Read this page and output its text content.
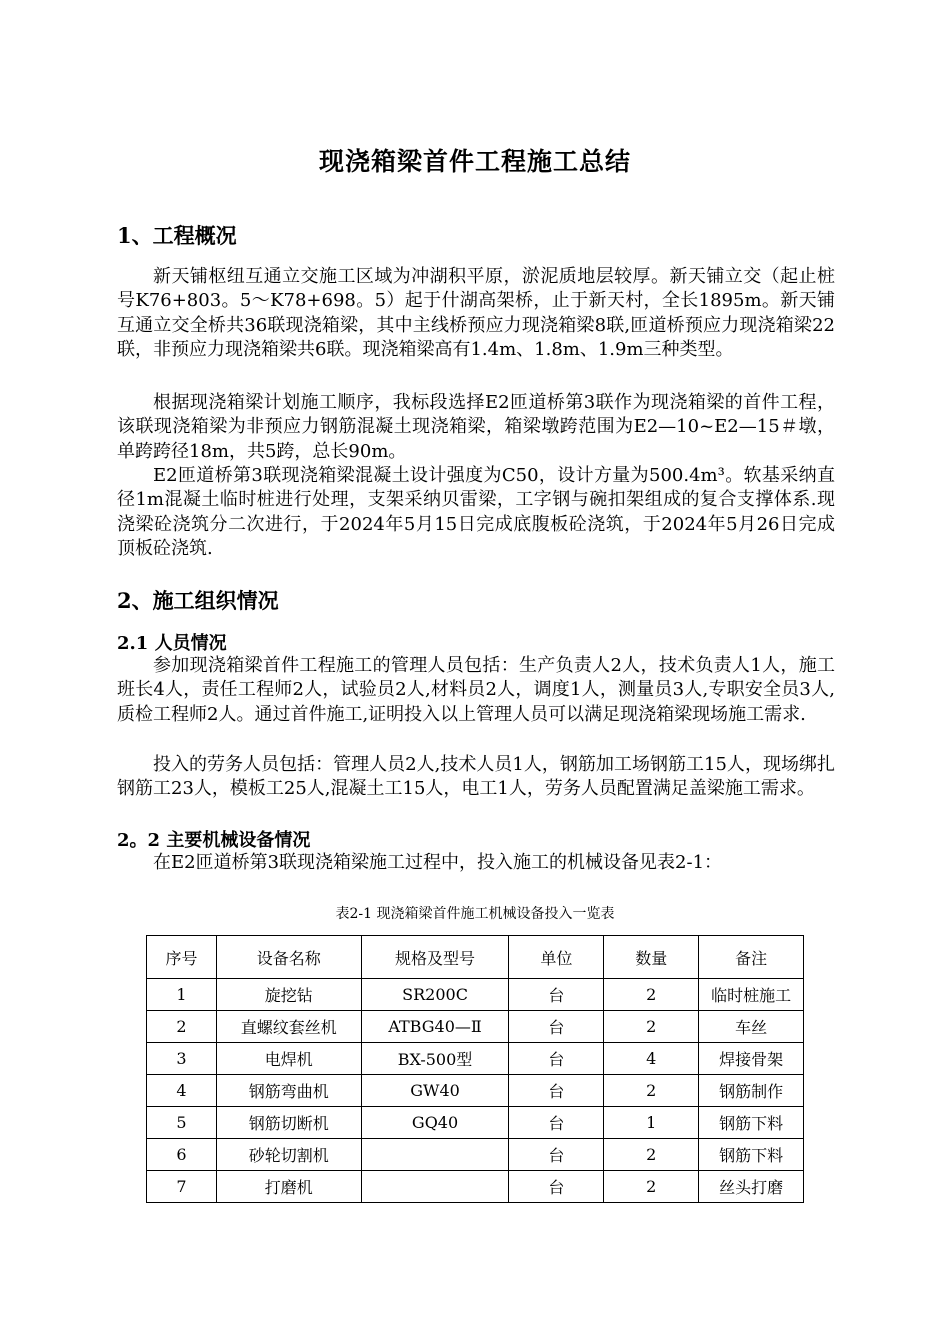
现浇箱梁首件工程施工总结
1、工程概况

新天铺枢纽互通立交施工区域为冲湖积平原，淤泥质地层较厚。新天铺立交（起止桩号K76+803。5～K78+698。5）起于什湖高架桥，止于新天村，全长1895m。新天铺互通立交全桥共36联现浇箱梁，其中主线桥预应力现浇箱梁8联,匝道桥预应力现浇箱梁22联，非预应力现浇箱梁共6联。现浇箱梁高有1.4m、1.8m、1.9m三种类型。

根据现浇箱梁计划施工顺序，我标段选择E2匝道桥第3联作为现浇箱梁的首件工程，该联现浇箱梁为非预应力钢筋混凝土现浇箱梁，箱梁墩跨范围为E2—10~E2—15＃墩，单跨跨径18m，共5跨，总长90m。

E2匝道桥第3联现浇箱梁混凝土设计强度为C50，设计方量为500.4m³。软基采纳直径1m混凝土临时桩进行处理，支架采纳贝雷梁，工字钢与碗扣架组成的复合支撑体系.现浇梁砼浇筑分二次进行，于2024年5月15日完成底腹板砼浇筑，于2024年5月26日完成顶板砼浇筑.

2、施工组织情况
2.1 人员情况

参加现浇箱梁首件工程施工的管理人员包括：生产负责人2人，技术负责人1人，施工班长4人，责任工程师2人，试验员2人,材料员2人，调度1人，测量员3人,专职安全员3人,质检工程师2人。通过首件施工,证明投入以上管理人员可以满足现浇箱梁现场施工需求.

投入的劳务人员包括：管理人员2人,技术人员1人，钢筋加工场钢筋工15人，现场绑扎钢筋工23人，模板工25人,混凝土工15人，电工1人，劳务人员配置满足盖梁施工需求。

2。2 主要机械设备情况

在E2匝道桥第3联现浇箱梁施工过程中，投入施工的机械设备见表2-1：

表2-1 现浇箱梁首件施工机械设备投入一览表
序号	设备名称	规格及型号	单位	数量	备注
1	旋挖钻	SR200C	台	2	临时桩施工
2	直螺纹套丝机	ATBG40—Ⅱ	台	2	车丝
3	电焊机	BX-500型	台	4	焊接骨架
4	钢筋弯曲机	GW40	台	2	钢筋制作
5	钢筋切断机	GQ40	台	1	钢筋下料
6	砂轮切割机		台	2	钢筋下料
7	打磨机		台	2	丝头打磨
